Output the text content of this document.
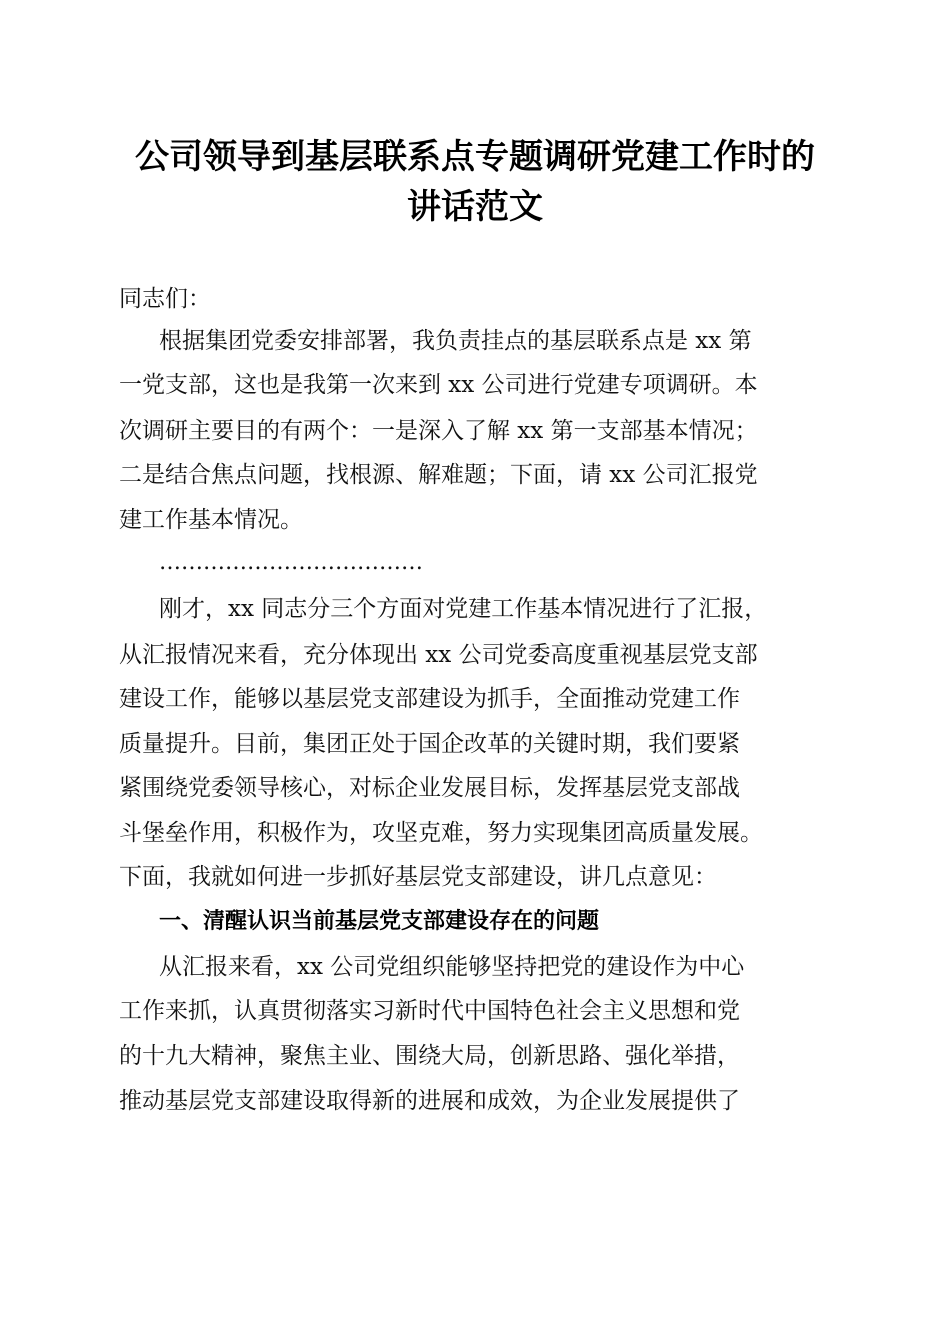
公司领导到基层联系点专题调研党建工作时的
讲话范文
同志们：
根据集团党委安排部署，我负责挂点的基层联系点是 xx 第
一党支部，这也是我第一次来到 xx 公司进行党建专项调研。本
次调研主要目的有两个：一是深入了解 xx 第一支部基本情况；
二是结合焦点问题，找根源、解难题；下面，请 xx 公司汇报党
建工作基本情况。
………………………………
刚才，xx 同志分三个方面对党建工作基本情况进行了汇报，
从汇报情况来看，充分体现出 xx 公司党委高度重视基层党支部
建设工作，能够以基层党支部建设为抓手，全面推动党建工作
质量提升。目前，集团正处于国企改革的关键时期，我们要紧
紧围绕党委领导核心，对标企业发展目标，发挥基层党支部战
斗堡垒作用，积极作为，攻坚克难，努力实现集团高质量发展。
下面，我就如何进一步抓好基层党支部建设，讲几点意见：
一、清醒认识当前基层党支部建设存在的问题
从汇报来看，xx 公司党组织能够坚持把党的建设作为中心
工作来抓，认真贯彻落实习新时代中国特色社会主义思想和党
的十九大精神，聚焦主业、围绕大局，创新思路、强化举措，
推动基层党支部建设取得新的进展和成效，为企业发展提供了
